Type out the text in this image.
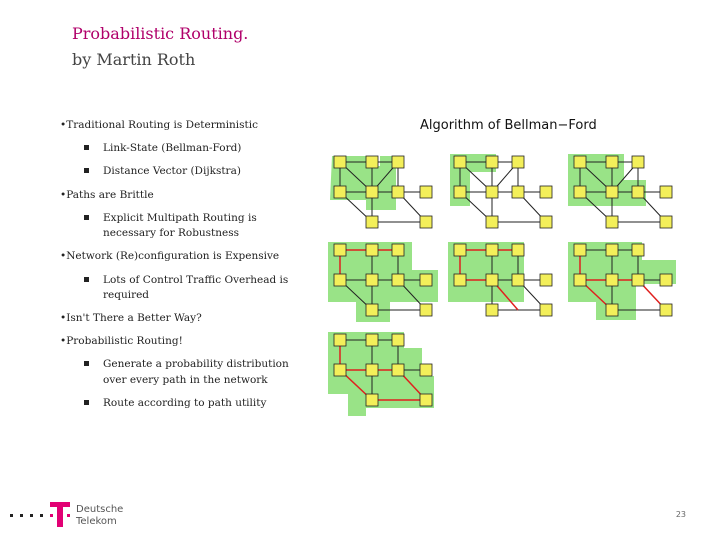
Probabilistic Routing.
by Martin Roth
•Traditional Routing is Deterministic
Link-State (Bellman-Ford)
Distance Vector (Dijkstra)
•Paths are Brittle
Explicit Multipath Routing is necessary for Robustness
•Network (Re)configuration is Expensive
Lots of Control Traffic Overhead is required
•Isn't There a Better Way?
•Probabilistic Routing!
Generate a probability distribution over every path in the network
Route according to path utility
Algorithm of Bellman−Ford
Deutsche
Telekom
23
